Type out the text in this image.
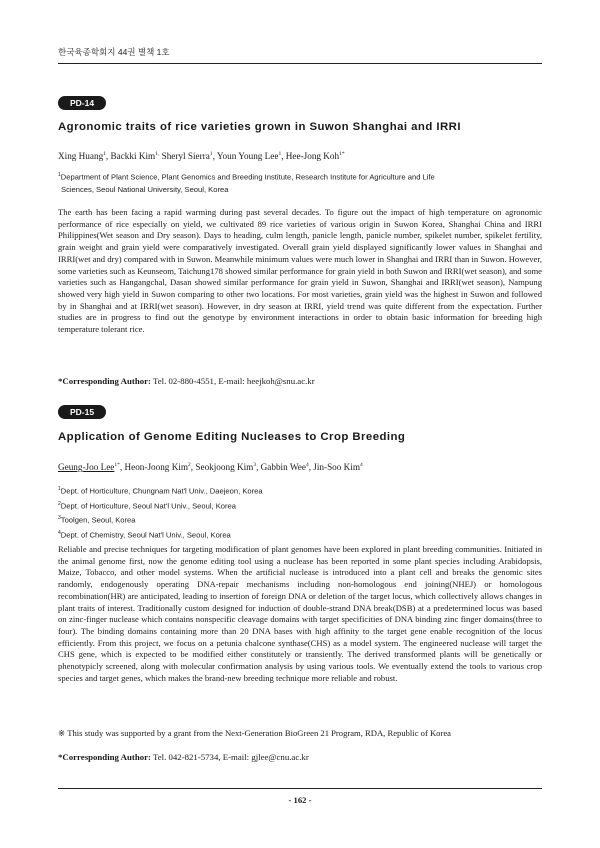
한국육종학회지 44권 별책 1호
PD-14
Agronomic traits of rice varieties grown in Suwon Shanghai and IRRI
Xing Huang$^1$, Backki Kim$^{1,}$ Sheryl Sierra$^1$, Youn Young Lee$^1$, Hee-Jong Koh$^{1*}$
$^1$Department of Plant Science, Plant Genomics and Breeding Institute, Research Institute for Agriculture and Life
Sciences, Seoul National University, Seoul, Korea

The earth has been facing a rapid warming during past several decades. To figure out the impact of high temperature on agronomic performance of rice especially on yield, we cultivated 89 rice varieties of various origin in Suwon Korea, Shanghai China and IRRI Philippines(Wet season and Dry season). Days to heading, culm length, panicle length, panicle number, spikelet number, spikelet fertility, grain weight and grain yield were comparatively investigated. Overall grain yield displayed significantly lower values in Shanghai and IRRI(wet and dry) compared with in Suwon. Meanwhile minimum values were much lower in Shanghai and IRRI than in Suwon. However, some varieties such as Keunseom, Taichung178 showed similar performance for grain yield in both Suwon and IRRI(wet season), and some varieties such as Hangangchal, Dasan showed similar performance for grain yield in Suwon, Shanghai and IRRI(wet season), Nampung showed very high yield in Suwon comparing to other two locations. For most varieties, grain yield was the highest in Suwon and followed by in Shanghai and at IRRI(wet season). However, in dry season at IRRI, yield trend was quite different from the expectation. Further studies are in progress to find out the genotype by environment interactions in order to obtain basic information for breeding high temperature tolerant rice.

*Corresponding Author: Tel. 02-880-4551, E-mail: heejkoh@snu.ac.kr
PD-15
Application of Genome Editing Nucleases to Crop Breeding
Geung-Joo Lee$^{1*}$, Heon-Joong Kim$^2$, Seokjoong Kim$^3$, Gabbin Wee$^4$, Jin-Soo Kim$^4$
$^1$Dept. of Horticulture, Chungnam Nat'l Univ., Daejeon, Korea
$^2$Dept. of Horticulture, Seoul Nat'l Univ., Seoul, Korea
$^3$Toolgen, Seoul, Korea
$^4$Dept. of Chemistry, Seoul Nat'l Univ., Seoul, Korea

Reliable and precise techniques for targeting modification of plant genomes have been explored in plant breeding communities. Initiated in the animal genome first, now the genome editing tool using a nuclease has been reported in some plant species including Arabidopsis, Maize, Tobacco, and other model systems. When the artificial nuclease is introduced into a plant cell and breaks the genomic sites randomly, endogenously operating DNA-repair mechanisms including non-homologous end joining(NHEJ) or homologous recombination(HR) are anticipated, leading to insertion of foreign DNA or deletion of the target locus, which collectively allows changes in plant traits of interest. Traditionally custom designed for induction of double-strand DNA break(DSB) at a predetermined locus was based on zinc-finger nuclease which contains nonspecific cleavage domains with target specificities of DNA binding zinc finger domains(three to four). The binding domains containing more than 20 DNA bases with high affinity to the target gene enable recognition of the locus efficiently. From this project, we focus on a petunia chalcone synthase(CHS) as a model system. The engineered nuclease will target the CHS gene, which is expected to be modified either constitutely or transiently. The derived transformed plants will be genetically or phenotypicly screened, along with molecular confirmation analysis by using various tools. We eventually extend the tools to various crop species and target genes, which makes the brand-new breeding technique more reliable and robust.

※ This study was supported by a grant from the Next-Generation BioGreen 21 Program, RDA, Republic of Korea
*Corresponding Author: Tel. 042-821-5734, E-mail: gjlee@cnu.ac.kr
- 162 -
